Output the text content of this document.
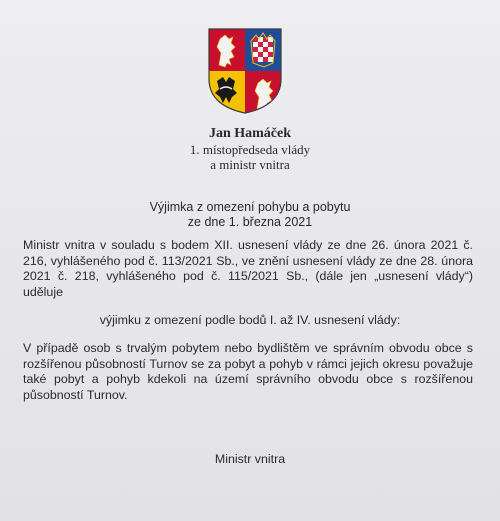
Jan Hamáček
1. místopředseda vlády
a ministr vnitra
Výjimka z omezení pohybu a pobytu
ze dne 1. března 2021
Ministr vnitra v souladu s bodem XII. usnesení vlády ze dne 26. února 2021 č. 216, vyhlášeného pod č. 113/2021 Sb., ve znění usnesení vlády ze dne 28. února 2021 č. 218, vyhlášeného pod č. 115/2021 Sb., (dále jen „usnesení vlády“) uděluje
výjimku z omezení podle bodů I. až IV. usnesení vlády:
V případě osob s trvalým pobytem nebo bydlištěm ve správním obvodu obce s rozšířenou působností Turnov se za pobyt a pohyb v rámci jejich okresu považuje také pobyt a pohyb kdekoli na území správního obvodu obce s rozšířenou působností Turnov.
Ministr vnitra
